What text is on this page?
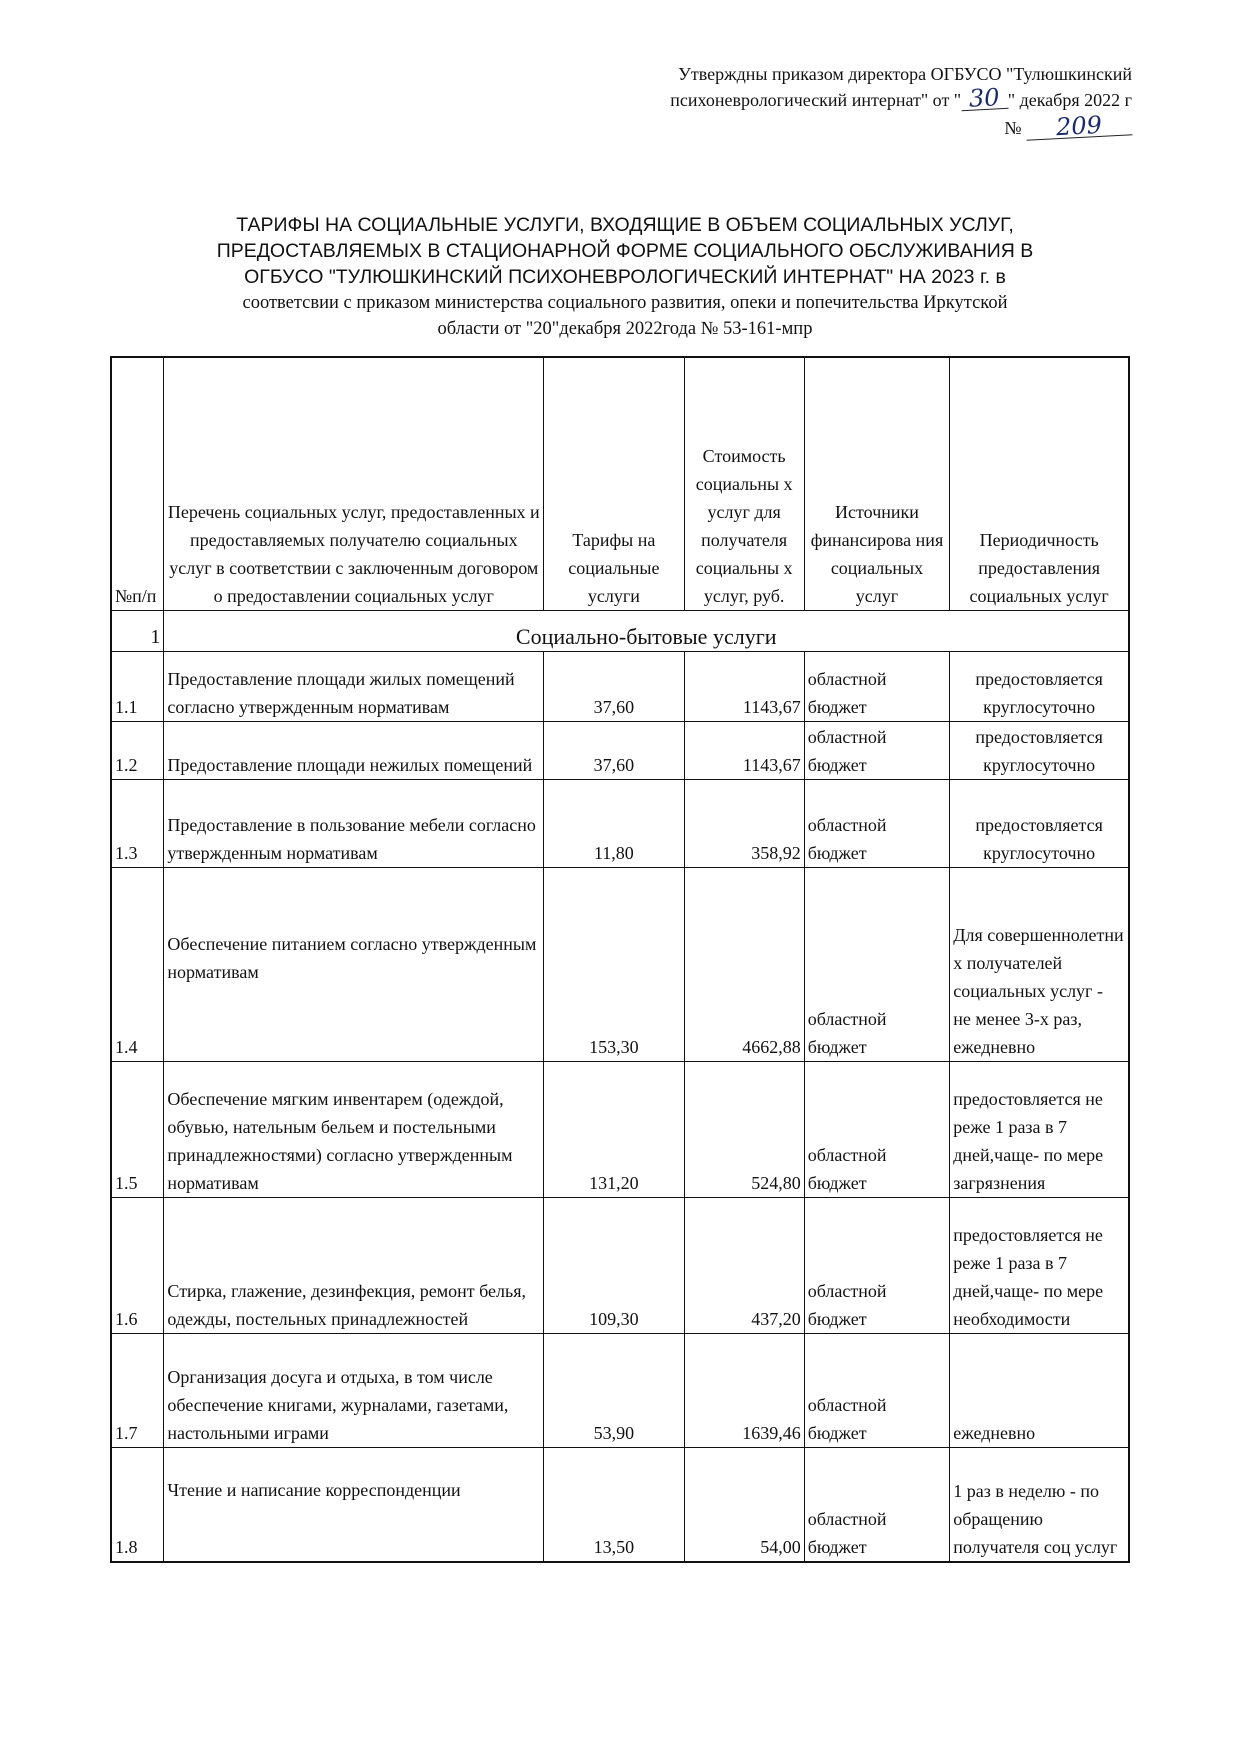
Утверждны приказом директора ОГБУСО "Тулюшкинский
психоневрологический интернат" от " 30 " декабря 2022 г
№ 209
ТАРИФЫ НА СОЦИАЛЬНЫЕ УСЛУГИ, ВХОДЯЩИЕ В ОБЪЕМ СОЦИАЛЬНЫХ УСЛУГ,
ПРЕДОСТАВЛЯЕМЫХ В СТАЦИОНАРНОЙ ФОРМЕ СОЦИАЛЬНОГО ОБСЛУЖИВАНИЯ В
ОГБУСО "ТУЛЮШКИНСКИЙ ПСИХОНЕВРОЛОГИЧЕСКИЙ ИНТЕРНАТ" НА 2023 г. в
соответсвии с приказом министерства социального развития, опеки и попечительства Иркутской
области от "20"декабря 2022года № 53-161-мпр
№п/п	Перечень социальных услуг, предоставленных и предоставляемых получателю социальных услуг в соответствии с заключенным договором о предоставлении социальных услуг	Тарифы на социальные услуги	Стоимость социальны х услуг для получателя социальны х услуг, руб.	Источники финансирова ния социальных услуг	Периодичность предоставления социальных услуг
1	Социально-бытовые услуги				
1.1	Предоставление площади жилых помещений согласно утвержденным нормативам	37,60	1143,67	областной бюджет	предостовляется круглосуточно
1.2	Предоставление площади нежилых помещений	37,60	1143,67	областной бюджет	предостовляется круглосуточно
1.3	Предоставление в пользование мебели согласно утвержденным нормативам	11,80	358,92	областной бюджет	предостовляется круглосуточно
1.4	Обеспечение питанием согласно утвержденным нормативам	153,30	4662,88	областной бюджет	Для совершеннолетни х получателей социальных услуг - не менее 3-х раз, ежедневно
1.5	Обеспечение мягким инвентарем (одеждой, обувью, нательным бельем и постельными принадлежностями) согласно утвержденным нормативам	131,20	524,80	областной бюджет	предостовляется не реже 1 раза в 7 дней,чаще- по мере загрязнения
1.6	Стирка, глажение, дезинфекция, ремонт белья, одежды, постельных принадлежностей	109,30	437,20	областной бюджет	предостовляется не реже 1 раза в 7 дней,чаще- по мере необходимости
1.7	Организация досуга и отдыха, в том числе обеспечение книгами, журналами, газетами, настольными играми	53,90	1639,46	областной бюджет	ежедневно
1.8	Чтение и написание корреспонденции	13,50	54,00	областной бюджет	1 раз в неделю - по обращению получателя соц услуг
